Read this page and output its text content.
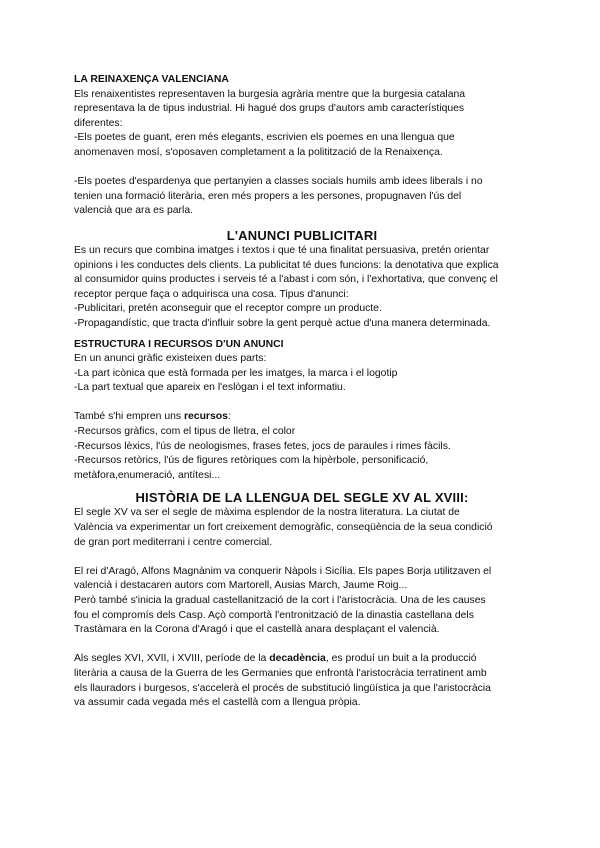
LA REINAXENÇA VALENCIANA

Els renaixentistes representaven la burgesia agrària mentre que la burgesia catalana
representava la de tipus industrial. Hi hagué dos grups d'autors amb característiques
diferentes:

-Els poetes de guant, eren més elegants, escrivien els poemes en una llengua que
anomenaven mosí, s'oposaven completament a la politització de la Renaixença.

-Els poetes d'espardenya que pertanyien a classes socials humils amb idees liberals i no
tenien una formació literària, eren més propers a les persones, propugnaven l'ús del
valencià que ara es parla.

L'ANUNCI PUBLICITARI

Es un recurs que combina imatges i textos i que té una finalitat persuasiva, pretén orientar
opinions i les conductes dels clients. La publicitat té dues funcions: la denotativa que explica
al consumidor quins productes i serveis té a l'abast i com són, i l'exhortativa, que convenç el
receptor perque faça o adquirisca una cosa. Tipus d'anunci:
-Publicitari, pretén aconseguir que el receptor compre un producte.
-Propagandístic, que tracta d'influir sobre la gent perquè actue d'una manera determinada.

ESTRUCTURA I RECURSOS D'UN ANUNCI

En un anunci gràfic existeixen dues parts:
-La part icònica que està formada per les imatges, la marca i el logotip
-La part textual que apareix en l'eslògan i el text informatiu.

També s'hi empren uns recursos:
-Recursos gràfics, com el tipus de lletra, el color
-Recursos lèxics, l'ús de neologismes, frases fetes, jocs de paraules i rimes fàcils.
-Recursos retòrics, l'ús de figures retòriques com la hipèrbole, personificació,
metàfora,enumeració, antítesi...

HISTÒRIA DE LA LLENGUA DEL SEGLE XV AL XVIII:

El segle XV va ser el segle de màxima esplendor de la nostra literatura. La ciutat de
València va experimentar un fort creixement demogràfic, conseqüència de la seua condició
de gran port mediterrani i centre comercial.

El rei d'Aragó, Alfons Magnànim va conquerir Nàpols i Sicília. Els papes Borja utilitzaven el
valencià i destacaren autors com Martorell, Ausias March, Jaume Roig...
Però també s'inicia la gradual castellanització de la cort i l'aristocràcia. Una de les causes
fou el compromís dels Casp. Açò comportà l'entronització de la dinastia castellana dels
Trastàmara en la Corona d'Aragó i que el castellà anara desplaçant el valencià.

Als segles XVI, XVII, i XVIII, període de la decadència, es produí un buit a la producció
literària a causa de la Guerra de les Germanies que enfrontà l'aristocràcia terratinent amb
els llauradors i burgesos, s'accelerà el procés de substitució lingüística ja que l'aristocràcia
va assumir cada vegada més el castellà com a llengua pròpia.
